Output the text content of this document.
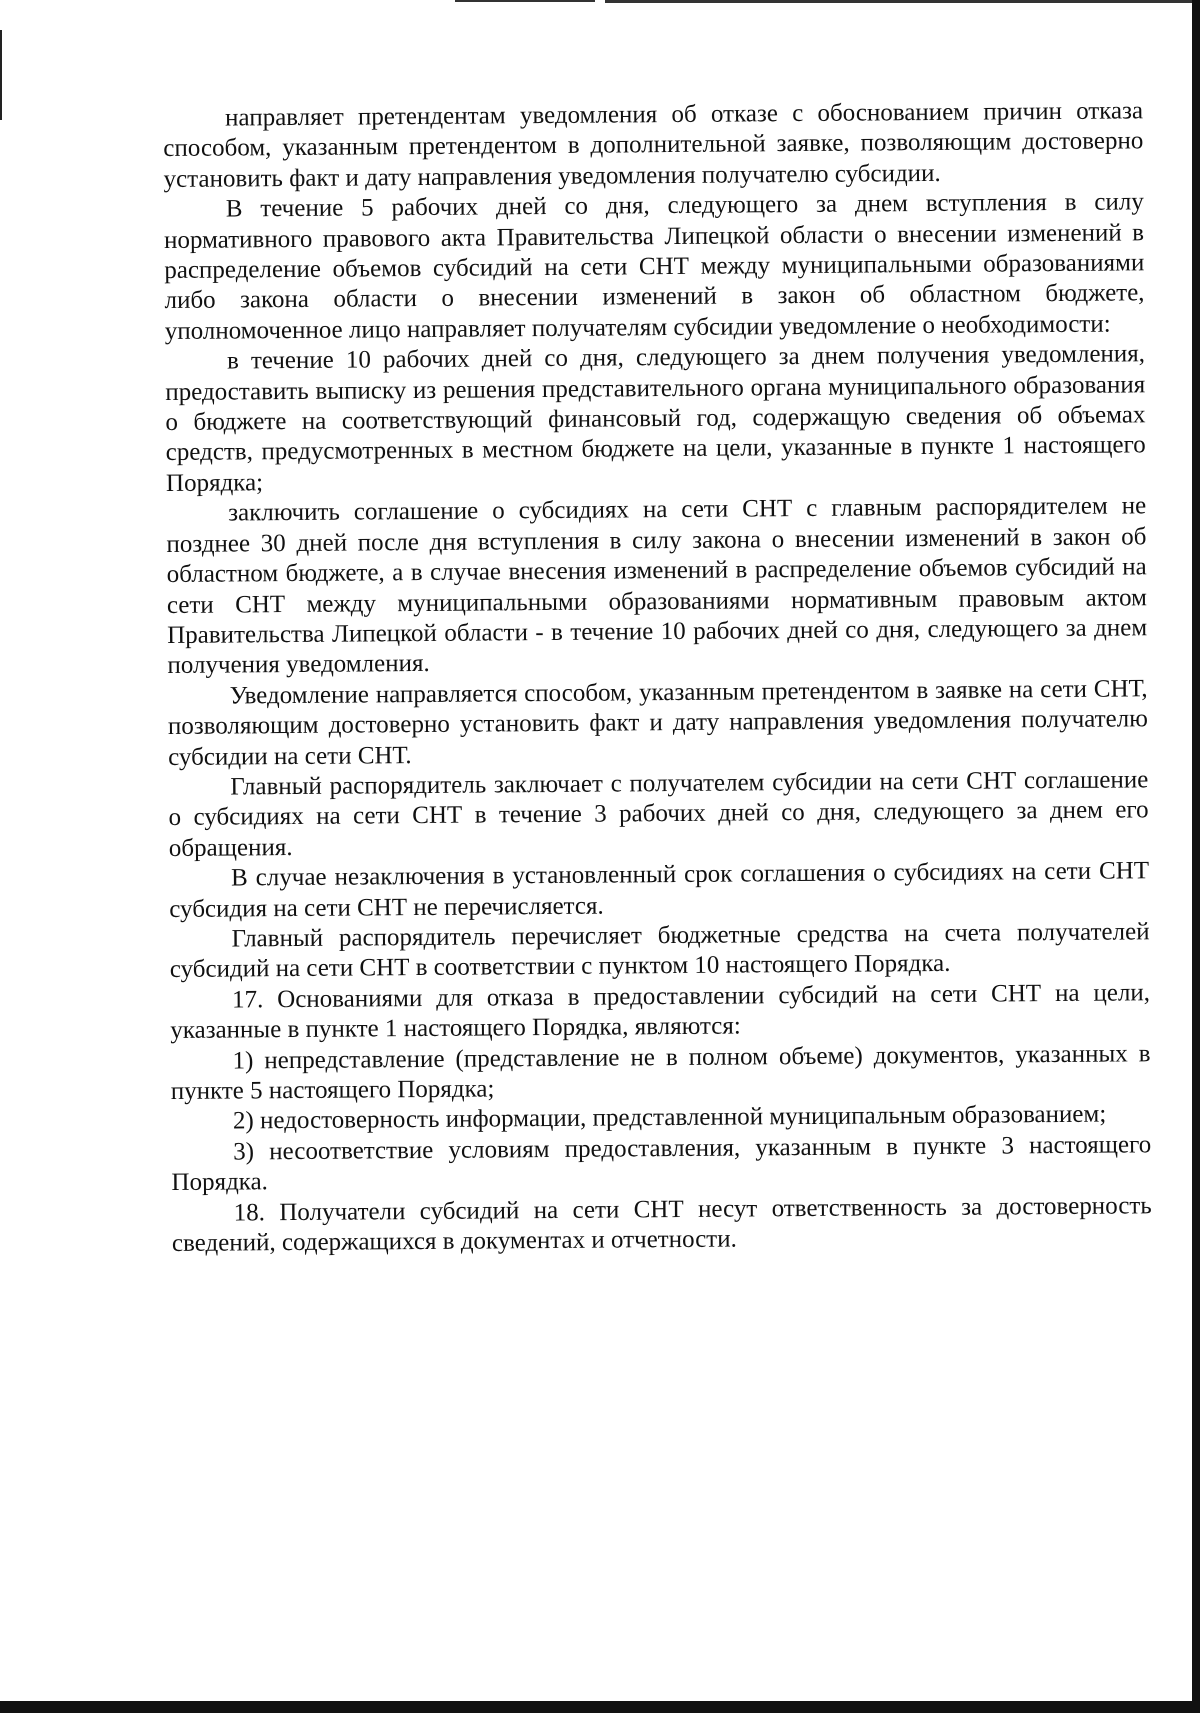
направляет претендентам уведомления об отказе с обоснованием причин отказа способом, указанным претендентом в дополнительной заявке, позволяющим достоверно установить факт и дату направления уведомления получателю субсидии.

В течение 5 рабочих дней со дня, следующего за днем вступления в силу нормативного правового акта Правительства Липецкой области о внесении изменений в распределение объемов субсидий на сети СНТ между муниципальными образованиями либо закона области о внесении изменений в закон об областном бюджете, уполномоченное лицо направляет получателям субсидии уведомление о необходимости:

в течение 10 рабочих дней со дня, следующего за днем получения уведомления, предоставить выписку из решения представительного органа муниципального образования о бюджете на соответствующий финансовый год, содержащую сведения об объемах средств, предусмотренных в местном бюджете на цели, указанные в пункте 1 настоящего Порядка;

заключить соглашение о субсидиях на сети СНТ с главным распорядителем не позднее 30 дней после дня вступления в силу закона о внесении изменений в закон об областном бюджете, а в случае внесения изменений в распределение объемов субсидий на сети СНТ между муниципальными образованиями нормативным правовым актом Правительства Липецкой области - в течение 10 рабочих дней со дня, следующего за днем получения уведомления.

Уведомление направляется способом, указанным претендентом в заявке на сети СНТ, позволяющим достоверно установить факт и дату направления уведомления получателю субсидии на сети СНТ.

Главный распорядитель заключает с получателем субсидии на сети СНТ соглашение о субсидиях на сети СНТ в течение 3 рабочих дней со дня, следующего за днем его обращения.

В случае незаключения в установленный срок соглашения о субсидиях на сети СНТ субсидия на сети СНТ не перечисляется.

Главный распорядитель перечисляет бюджетные средства на счета получателей субсидий на сети СНТ в соответствии с пунктом 10 настоящего Порядка.

17. Основаниями для отказа в предоставлении субсидий на сети СНТ на цели, указанные в пункте 1 настоящего Порядка, являются:

1) непредставление (представление не в полном объеме) документов, указанных в пункте 5 настоящего Порядка;

2) недостоверность информации, представленной муниципальным образованием;

3) несоответствие условиям предоставления, указанным в пункте 3 настоящего Порядка.

18. Получатели субсидий на сети СНТ несут ответственность за достоверность сведений, содержащихся в документах и отчетности.
